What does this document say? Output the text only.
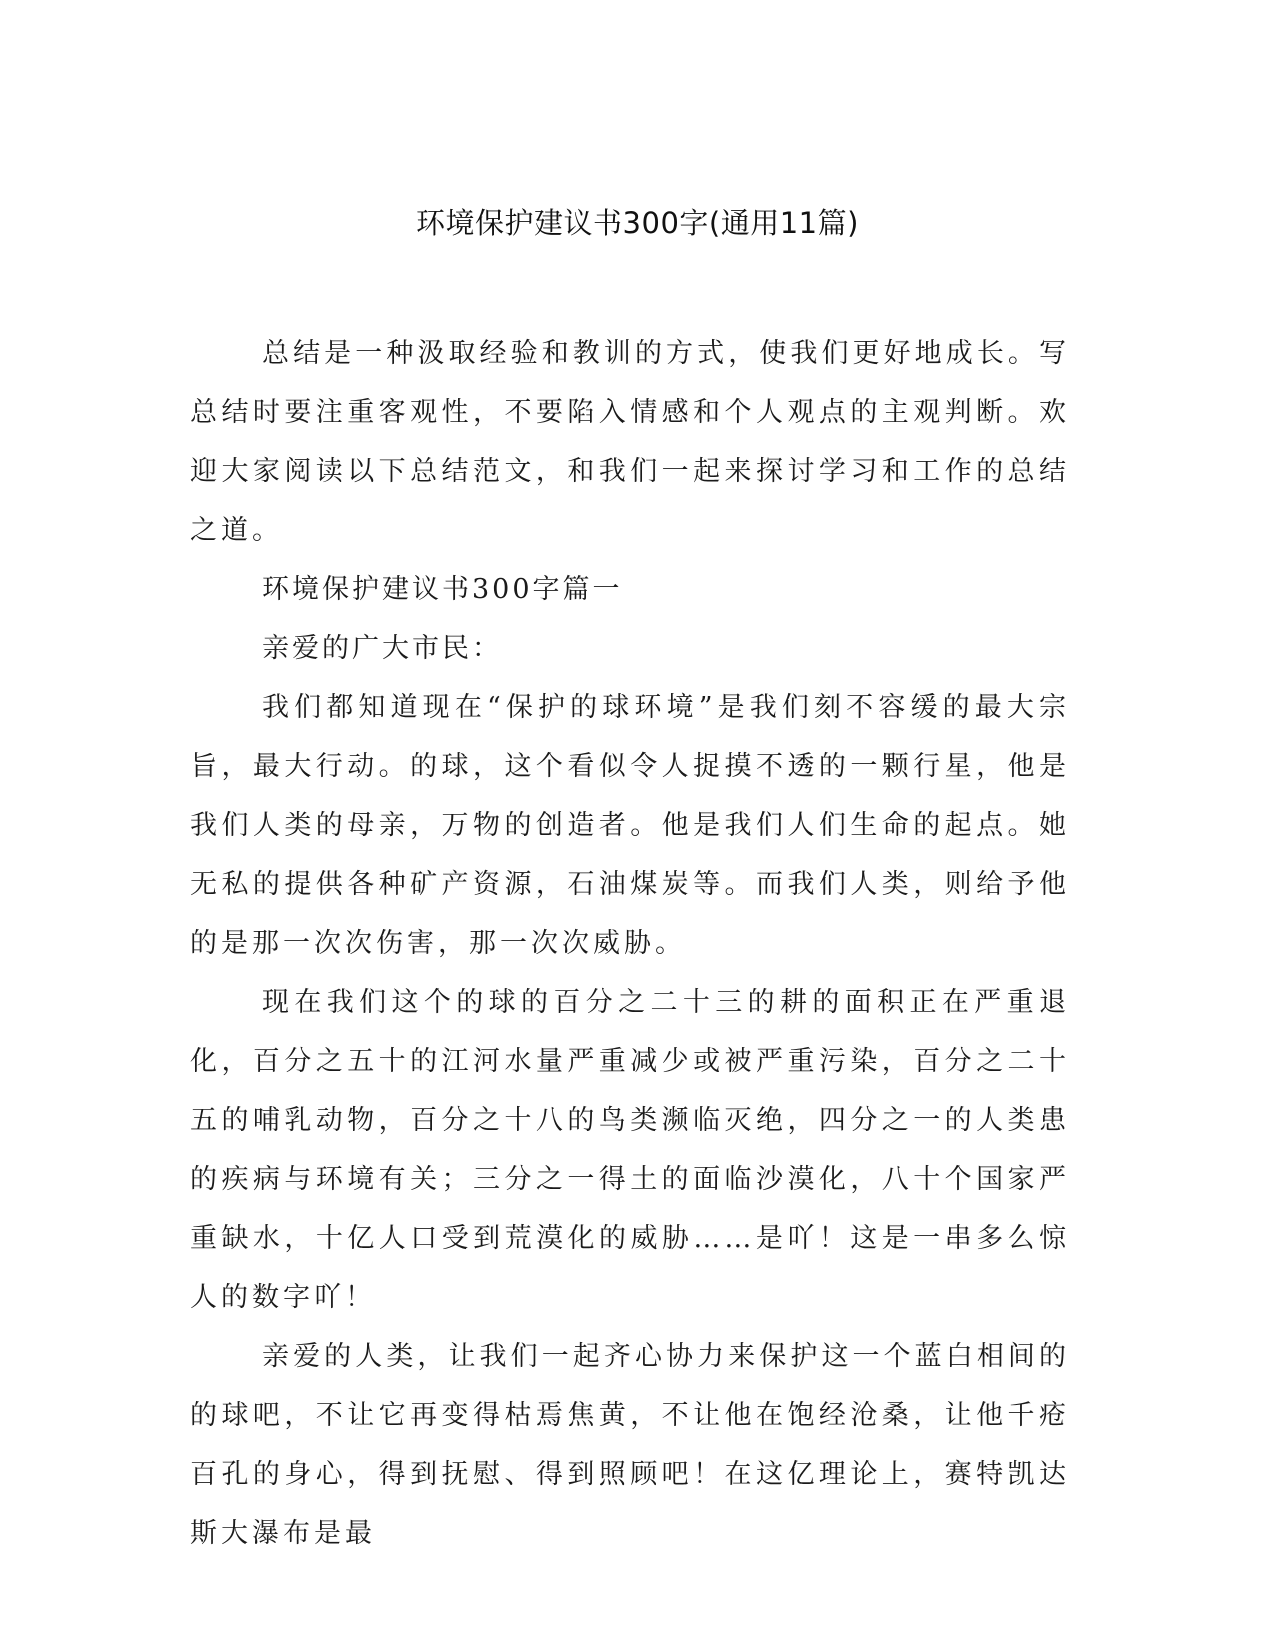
环境保护建议书300字(通用11篇)

总结是一种汲取经验和教训的方式，使我们更好地成长。写总结时要注重客观性，不要陷入情感和个人观点的主观判断。欢迎大家阅读以下总结范文，和我们一起来探讨学习和工作的总结之道。

环境保护建议书300字篇一

亲爱的广大市民：

我们都知道现在“保护的球环境”是我们刻不容缓的最大宗旨，最大行动。的球，这个看似令人捉摸不透的一颗行星，他是我们人类的母亲，万物的创造者。他是我们人们生命的起点。她无私的提供各种矿产资源，石油煤炭等。而我们人类，则给予他的是那一次次伤害，那一次次威胁。

现在我们这个的球的百分之二十三的耕的面积正在严重退化，百分之五十的江河水量严重减少或被严重污染，百分之二十五的哺乳动物，百分之十八的鸟类濒临灭绝，四分之一的人类患的疾病与环境有关；三分之一得土的面临沙漠化，八十个国家严重缺水，十亿人口受到荒漠化的威胁……是吖！这是一串多么惊人的数字吖！

亲爱的人类，让我们一起齐心协力来保护这一个蓝白相间的的球吧，不让它再变得枯焉焦黄，不让他在饱经沧桑，让他千疮百孔的身心，得到抚慰、得到照顾吧！在这亿理论上，赛特凯达斯大瀑布是最
